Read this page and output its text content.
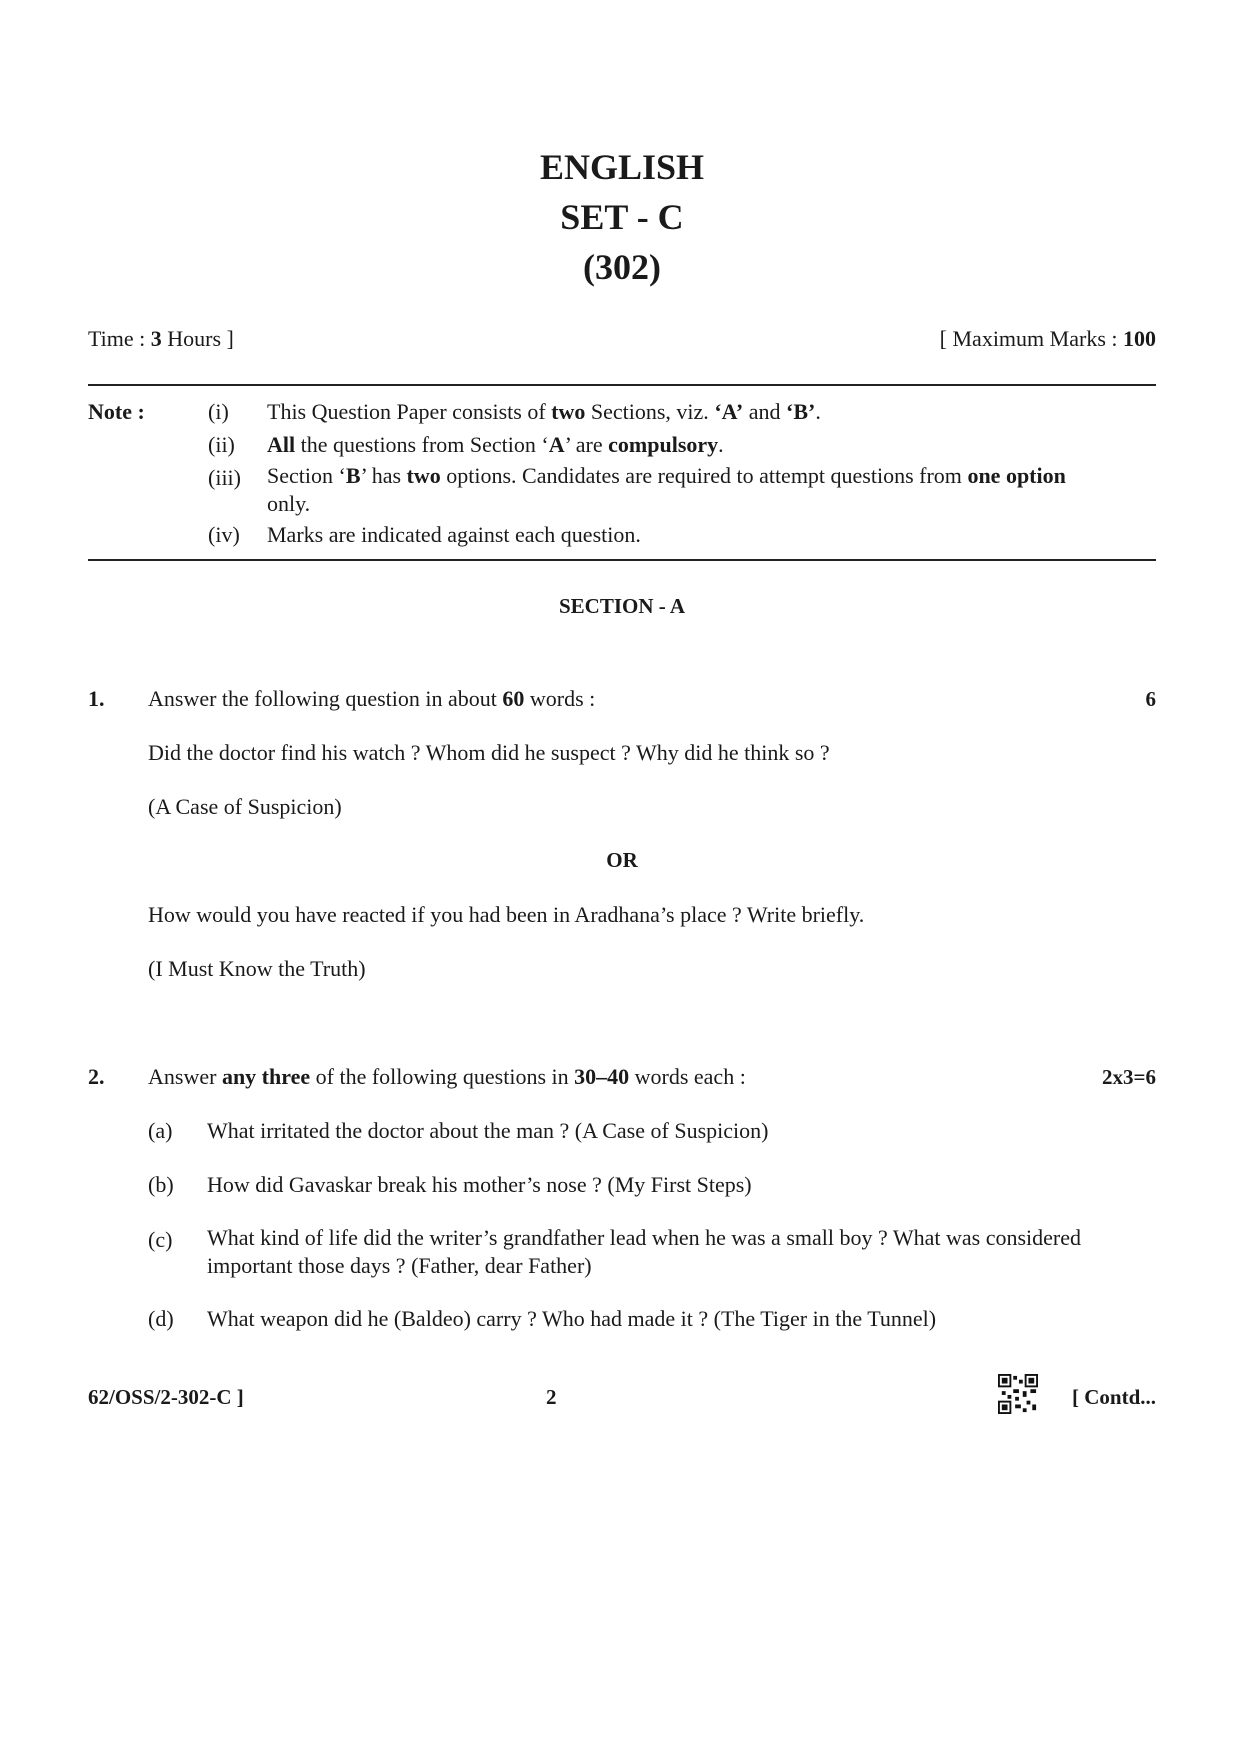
ENGLISH
SET - C
(302)
Time : 3 Hours ]	[ Maximum Marks : 100
Note :	(i) This Question Paper consists of two Sections, viz. ‘A’ and ‘B’.
(ii) All the questions from Section ‘A’ are compulsory.
(iii) Section ‘B’ has two options. Candidates are required to attempt questions from one option only.
(iv) Marks are indicated against each question.
SECTION - A
1. Answer the following question in about 60 words :	6
Did the doctor find his watch ? Whom did he suspect ? Why did he think so ?
(A Case of Suspicion)
OR
How would you have reacted if you had been in Aradhana’s place ? Write briefly.
(I Must Know the Truth)
2. Answer any three of the following questions in 30–40 words each :	2x3=6
(a) What irritated the doctor about the man ? (A Case of Suspicion)
(b) How did Gavaskar break his mother’s nose ? (My First Steps)
(c) What kind of life did the writer’s grandfather lead when he was a small boy ? What was considered important those days ? (Father, dear Father)
(d) What weapon did he (Baldeo) carry ? Who had made it ? (The Tiger in the Tunnel)
62/OSS/2-302-C ]	2	[ Contd...
